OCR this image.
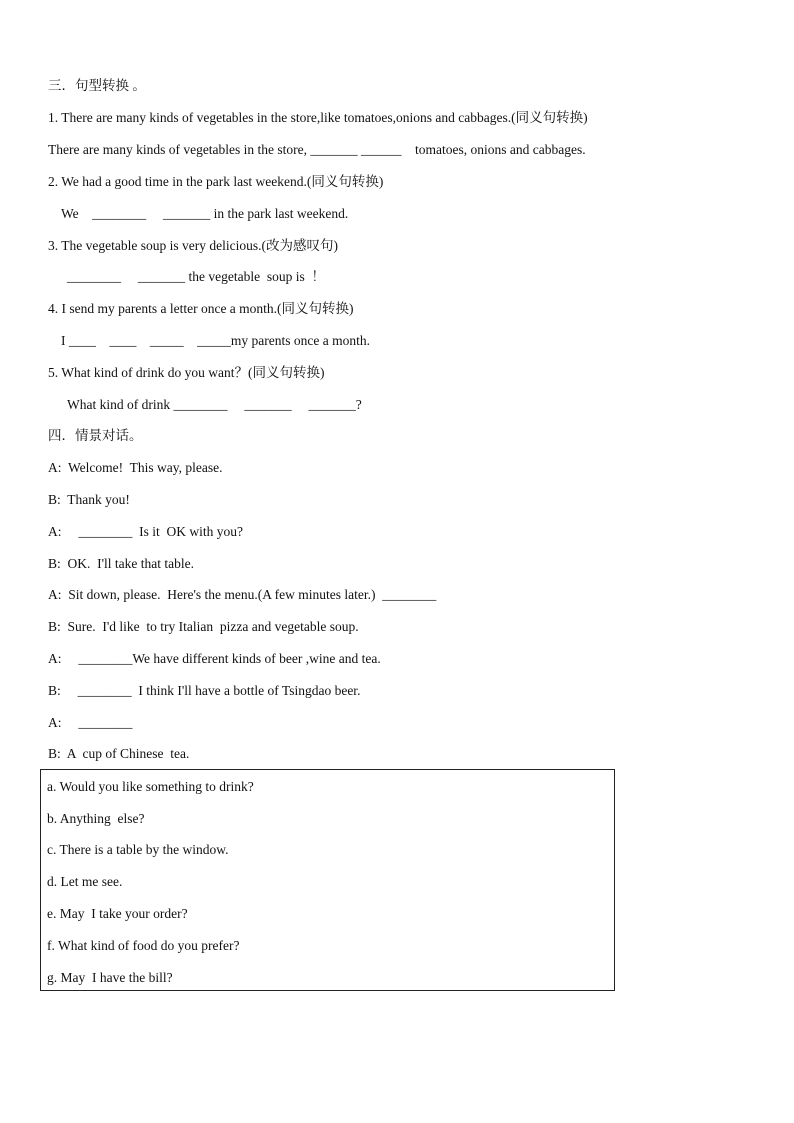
三．句型转换 。
1. There are many kinds of vegetables in the store,like tomatoes,onions and cabbages.(同义句转换)
There are many kinds of vegetables in the store, _______ ______    tomatoes, onions and cabbages.
2. We had a good time in the park last weekend.(同义句转换)
We    ________     _______ in the park last weekend.
3. The vegetable soup is very delicious.(改为感叹句)
________     _______ the vegetable  soup is  ！
4. I send my parents a letter once a month.(同义句转换)
I ____    ____    _____    _____my parents once a month.
5. What kind of drink do you want？(同义句转换)
What kind of drink ________     _______     _______?
四．情景对话。
A:  Welcome!  This way, please.
B:  Thank you!
A:     ________  Is it  OK with you?
B:  OK.  I'll take that table.
A:  Sit down, please.  Here's the menu.(A few minutes later.)  ________
B:  Sure.  I'd like  to try Italian  pizza and vegetable soup.
A:     ________We have different kinds of beer ,wine and tea.
B:     ________  I think I'll have a bottle of Tsingdao beer.
A:     ________
B:  A  cup of Chinese  tea.
a. Would you like something to drink?
b. Anything  else?
c. There is a table by the window.
d. Let me see.
e. May  I take your order?
f. What kind of food do you prefer?
g. May  I have the bill?
